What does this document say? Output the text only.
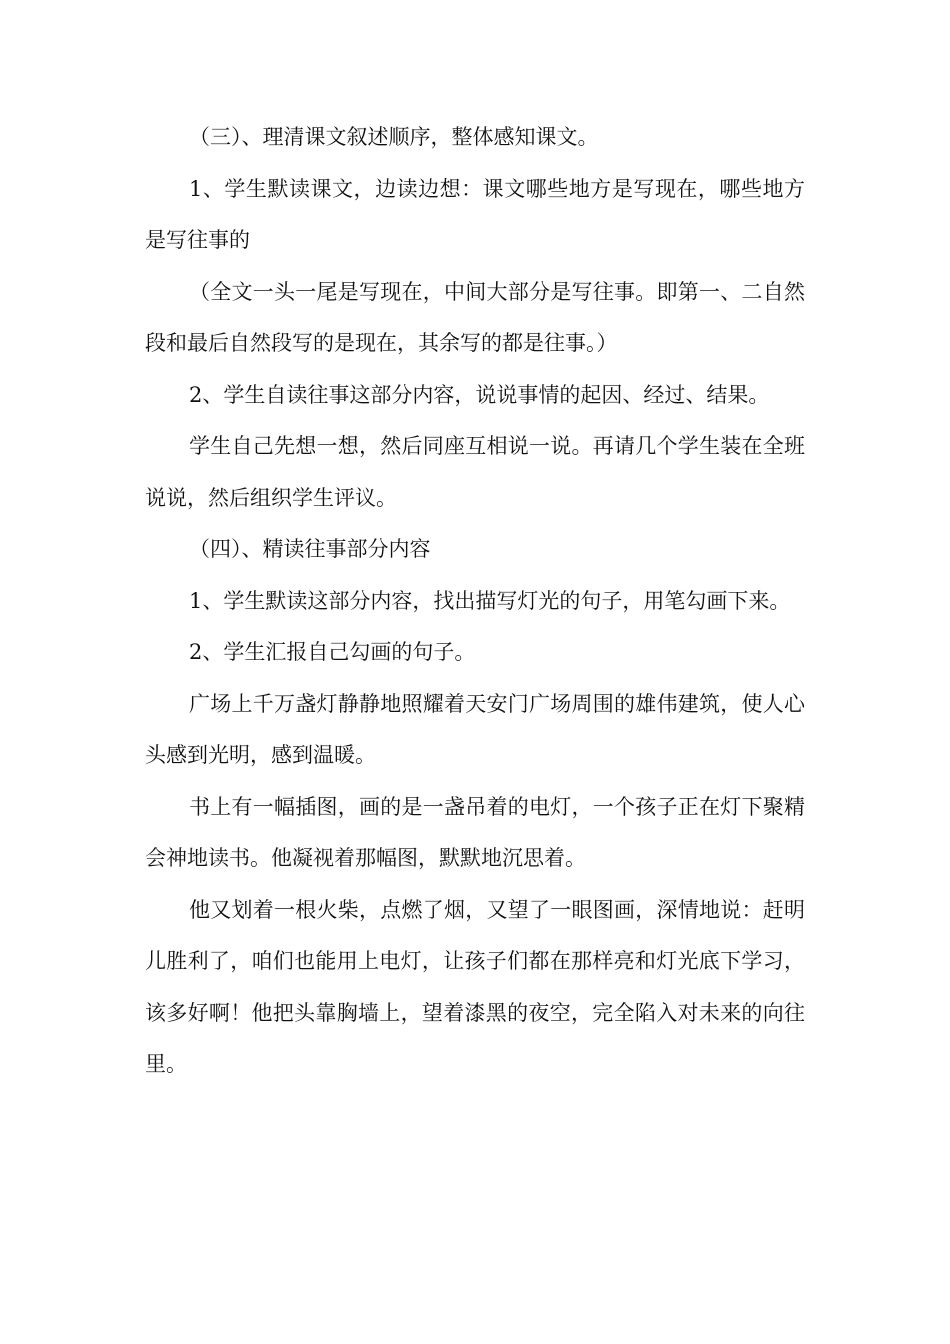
（三）、理清课文叙述顺序，整体感知课文。

1、学生默读课文，边读边想：课文哪些地方是写现在，哪些地方是写往事的

（全文一头一尾是写现在，中间大部分是写往事。即第一、二自然段和最后自然段写的是现在，其余写的都是往事。）

2、学生自读往事这部分内容，说说事情的起因、经过、结果。

学生自己先想一想，然后同座互相说一说。再请几个学生装在全班说说，然后组织学生评议。

（四）、精读往事部分内容

1、学生默读这部分内容，找出描写灯光的句子，用笔勾画下来。

2、学生汇报自己勾画的句子。

广场上千万盏灯静静地照耀着天安门广场周围的雄伟建筑，使人心头感到光明，感到温暖。

书上有一幅插图，画的是一盏吊着的电灯，一个孩子正在灯下聚精会神地读书。他凝视着那幅图，默默地沉思着。

他又划着一根火柴，点燃了烟，又望了一眼图画，深情地说：赶明儿胜利了，咱们也能用上电灯，让孩子们都在那样亮和灯光底下学习，该多好啊！他把头靠胸墙上，望着漆黑的夜空，完全陷入对未来的向往里。
